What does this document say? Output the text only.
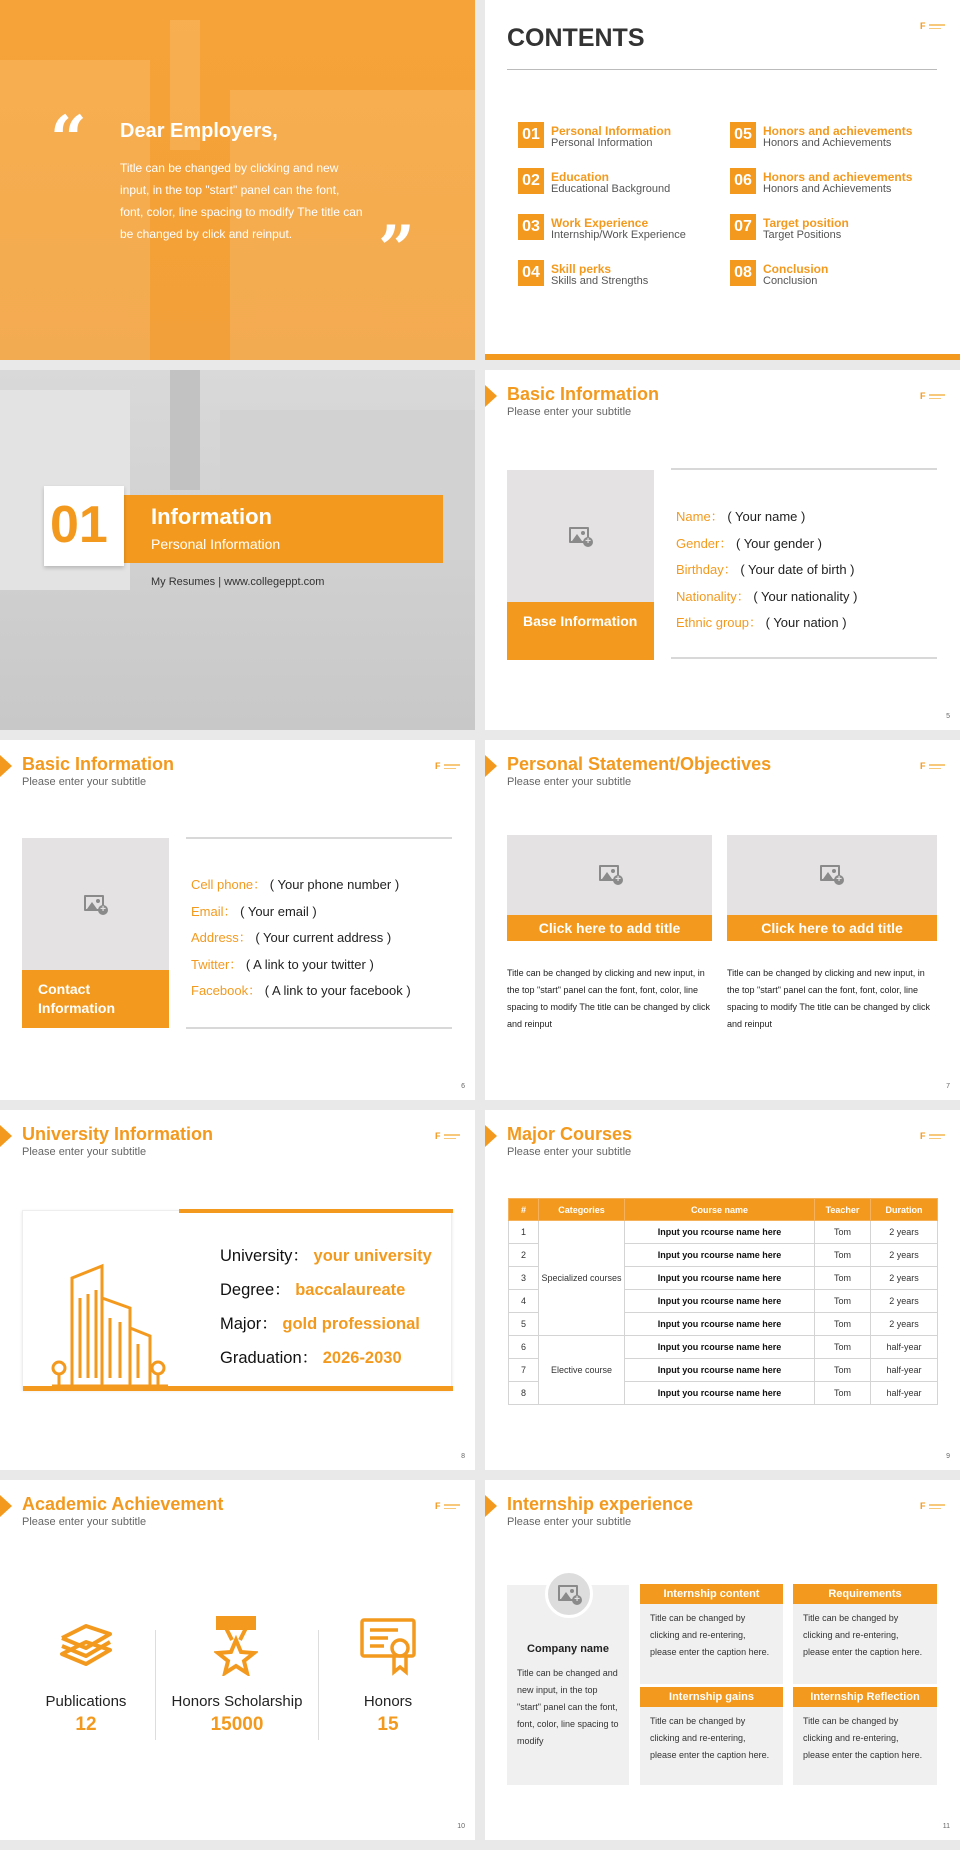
“ Dear Employers,
Title can be changed by clicking and new input, in the top "start" panel can the font, font, color, line spacing to modify The title can be changed by click and reinput.	”
CONTENTS	F
01 Personal Information
Personal Information
02 Education
Educational Background
03 Work Experience
Internship/Work Experience
04 Skill perks
Skills and Strengths
05 Honors and achievements
Honors and Achievements
06 Honors and achievements
Honors and Achievements
07 Target position
Target Positions
08 Conclusion
Conclusion
01 Information
Personal Information
My Resumes | www.collegeppt.com
Basic Information
Please enter your subtitle
F
+
Base Information
Name： ( Your name )
Gender： ( Your gender )
Birthday： ( Your date of birth )
Nationality： ( Your nationality )
Ethnic group： ( Your nation )
5
Basic Information
Please enter your subtitle
F
+
Contact Information
Cell phone： ( Your phone number )
Email： ( Your email )
Address： ( Your current address )
Twitter： ( A link to your twitter )
Facebook： ( A link to your facebook )
6
Personal Statement/Objectives
Please enter your subtitle
F
+
Click here to add title
Title can be changed by clicking and new input, in the top "start" panel can the font, font, color, line spacing to modify The title can be changed by click and reinput
+
Click here to add title
Title can be changed by clicking and new input, in the top "start" panel can the font, font, color, line spacing to modify The title can be changed by click and reinput
7
University Information
Please enter your subtitle
F
University： your university
Degree： baccalaureate
Major： gold professional
Graduation： 2026-2030
8
Major Courses
Please enter your subtitle
F
#	Categories	Course name	Teacher	Duration
1	Specialized courses	Input you rcourse name here	Tom	2 years
2		Input you rcourse name here	Tom	2 years
3		Input you rcourse name here	Tom	2 years
4		Input you rcourse name here	Tom	2 years
5		Input you rcourse name here	Tom	2 years
6	Elective course	Input you rcourse name here	Tom	half-year
7		Input you rcourse name here	Tom	half-year
8		Input you rcourse name here	Tom	half-year
9
Academic Achievement
Please enter your subtitle
F
Publications
12
Honors Scholarship
15000
Honors
15
10
Internship experience
Please enter your subtitle
F
+
Company name
Title can be changed and new input, in the top "start" panel can the font, font, color, line spacing to modify
Internship content
Title can be changed by clicking and re-entering, please enter the caption here.
Requirements
Title can be changed by clicking and re-entering, please enter the caption here.
Internship gains
Title can be changed by clicking and re-entering, please enter the caption here.
Internship Reflection
Title can be changed by clicking and re-entering, please enter the caption here.
11
